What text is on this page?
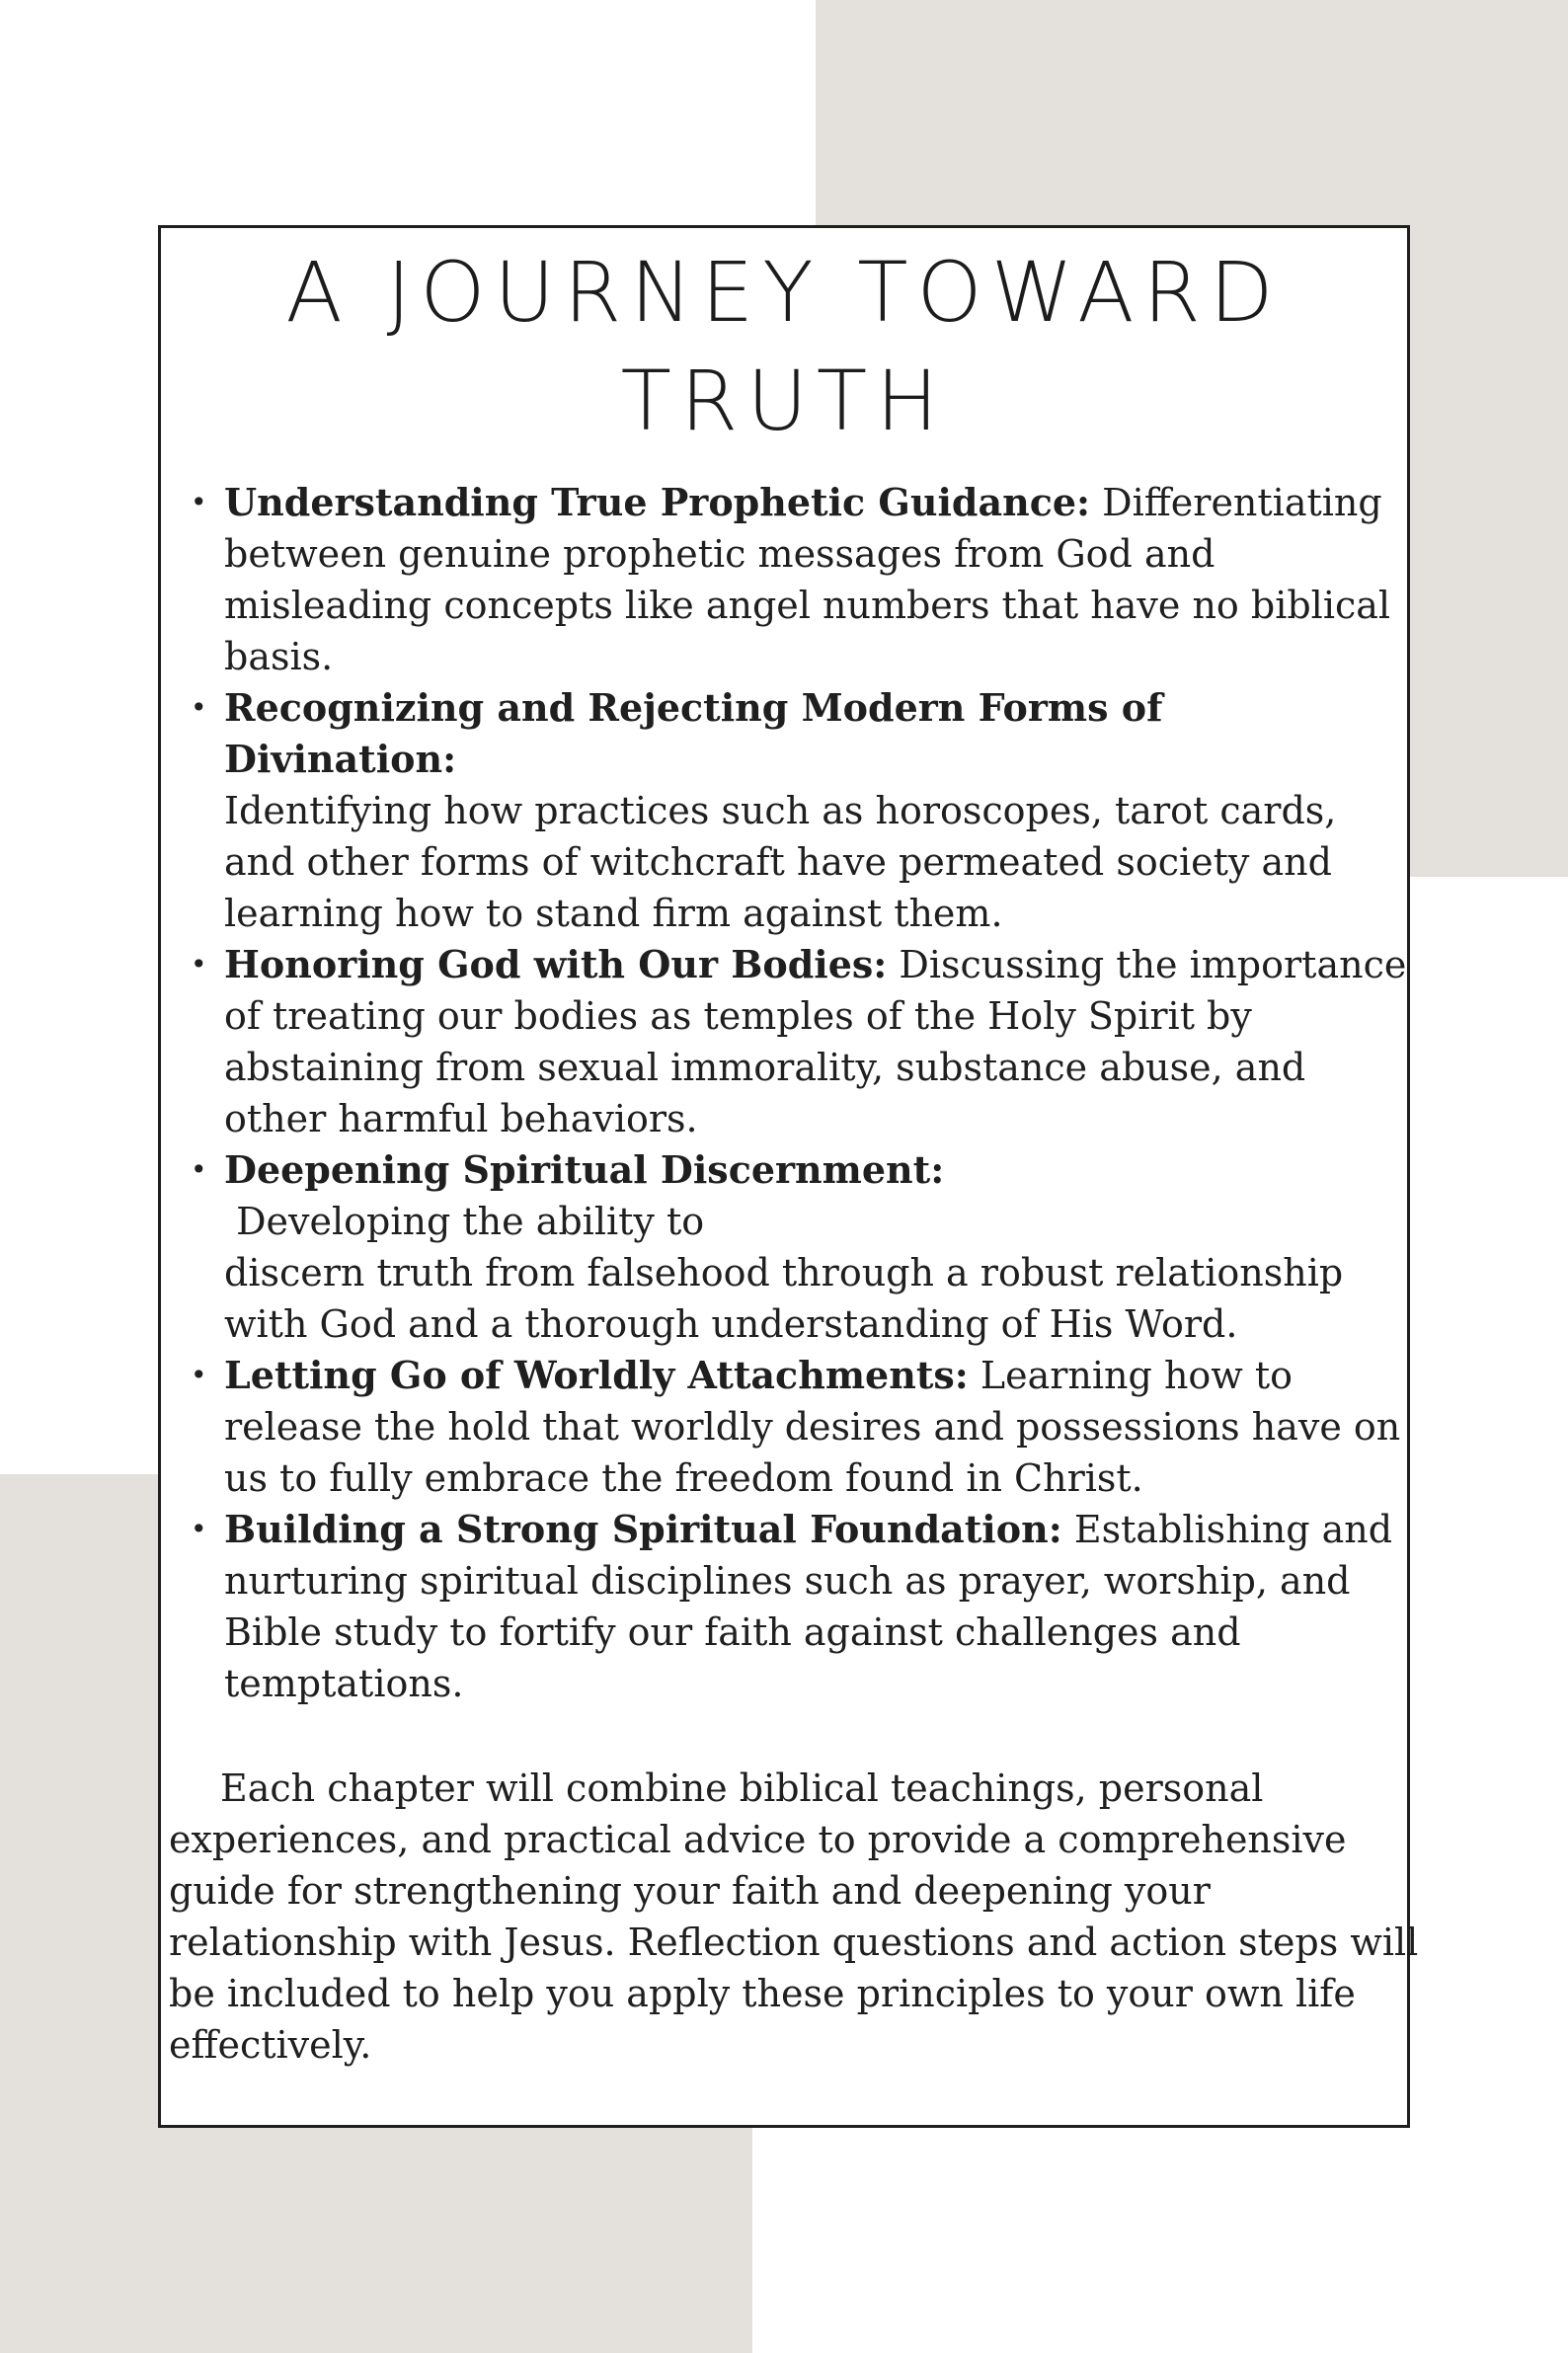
A JOURNEY TOWARD
TRUTH
• Understanding True Prophetic Guidance: Differentiating
between genuine prophetic messages from God and
misleading concepts like angel numbers that have no biblical
basis.

• Recognizing and Rejecting Modern Forms of Divination:
Identifying how practices such as horoscopes, tarot cards,
and other forms of witchcraft have permeated society and
learning how to stand firm against them.

• Honoring God with Our Bodies: Discussing the importance
of treating our bodies as temples of the Holy Spirit by
abstaining from sexual immorality, substance abuse, and
other harmful behaviors.

• Deepening Spiritual Discernment: Developing the ability to
discern truth from falsehood through a robust relationship
with God and a thorough understanding of His Word.

• Letting Go of Worldly Attachments: Learning how to
release the hold that worldly desires and possessions have on
us to fully embrace the freedom found in Christ.

• Building a Strong Spiritual Foundation: Establishing and
nurturing spiritual disciplines such as prayer, worship, and
Bible study to fortify our faith against challenges and
temptations.

Each chapter will combine biblical teachings, personal
experiences, and practical advice to provide a comprehensive
guide for strengthening your faith and deepening your
relationship with Jesus. Reflection questions and action steps will
be included to help you apply these principles to your own life
effectively.
